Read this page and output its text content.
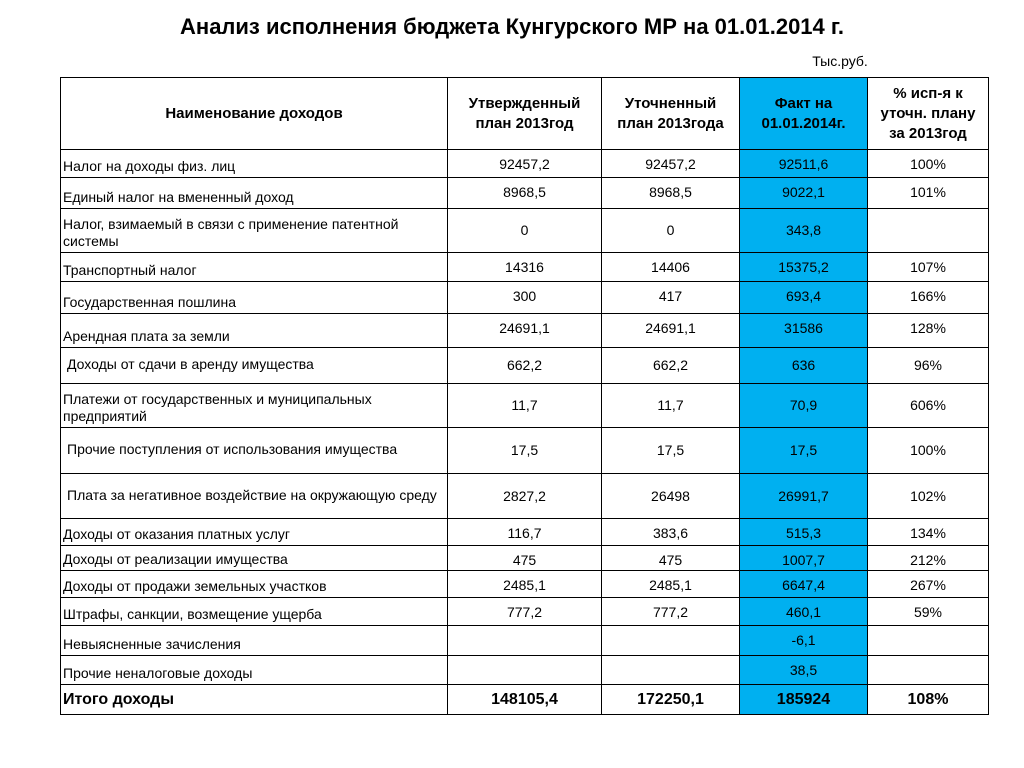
Анализ исполнения бюджета Кунгурского МР на 01.01.2014 г.
Тыс.руб.
Наименование доходов	Утвержденный план 2013год	Уточненный план 2013года	Факт на 01.01.2014г.	% исп-я к уточн. плану за 2013год
Налог на доходы физ. лиц	92457,2	92457,2	92511,6	100%
Единый налог на вмененный доход	8968,5	8968,5	9022,1	101%
Налог, взимаемый в связи с применение патентной системы	0	0	343,8	
Транспортный налог	14316	14406	15375,2	107%
Государственная пошлина	300	417	693,4	166%
Арендная плата за земли	24691,1	24691,1	31586	128%
Доходы от сдачи в аренду имущества	662,2	662,2	636	96%
Платежи от государственных и муниципальных предприятий	11,7	11,7	70,9	606%
Прочие поступления от использования имущества	17,5	17,5	17,5	100%
Плата за негативное воздействие на окружающую среду	2827,2	26498	26991,7	102%
Доходы от оказания платных услуг	116,7	383,6	515,3	134%
Доходы от реализации имущества	475	475	1007,7	212%
Доходы от продажи земельных участков	2485,1	2485,1	6647,4	267%
Штрафы, санкции, возмещение ущерба	777,2	777,2	460,1	59%
Невыясненные зачисления			-6,1	
Прочие неналоговые доходы			38,5	
Итого доходы	148105,4	172250,1	185924	108%
